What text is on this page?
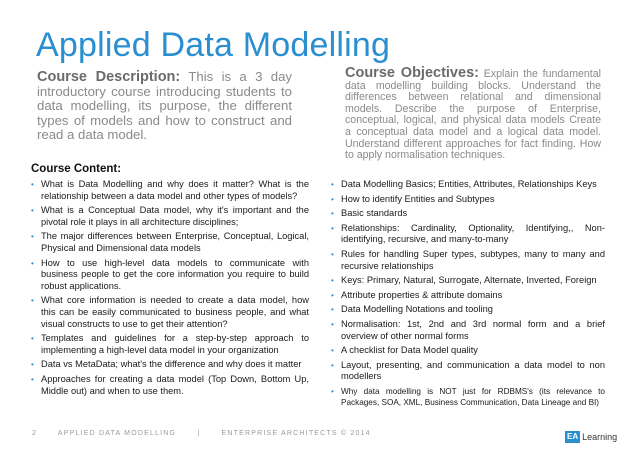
Applied Data Modelling
Course Description: This is a 3 day introductory course introducing students to data modelling, its purpose, the different types of models and how to construct and read a data model.
Course Objectives: Explain the fundamental data modelling building blocks. Understand the differences between relational and dimensional models. Describe the purpose of Enterprise, conceptual, logical, and physical data models Create a conceptual data model and a logical data model. Understand different approaches for fact finding. How to apply normalisation techniques.
Course Content:
• What is Data Modelling and why does it matter? What is the relationship between a data model and other types of models?
• What is a Conceptual Data model, why it's important and the pivotal role it plays in all architecture disciplines;
• The major differences between Enterprise, Conceptual, Logical, Physical and Dimensional data models
• How to use high-level data models to communicate with business people to get the core information you require to build robust applications.
• What core information is needed to create a data model, how this can be easily communicated to business people, and what visual constructs to use to get their attention?
• Templates and guidelines for a step-by-step approach to implementing a high-level data model in your organization
• Data vs MetaData; what's the difference and why does it matter
• Approaches for creating a data model (Top Down, Bottom Up, Middle out) and when to use them.
• Data Modelling Basics; Entities, Attributes, Relationships Keys
• How to identify Entities and Subtypes
• Basic standards
• Relationships: Cardinality, Optionality, Identifying,, Non-identifying, recursive, and many-to-many
• Rules for handling Super types, subtypes, many to many and recursive relationships
• Keys: Primary, Natural, Surrogate, Alternate, Inverted, Foreign
• Attribute properties & attribute domains
• Data Modelling Notations and tooling
• Normalisation: 1st, 2nd and 3rd normal form and a brief overview of other normal forms
• A checklist for Data Model quality
• Layout, presenting, and communication a data model to non modellers
• Why data modelling is NOT just for RDBMS's (its relevance to Packages, SOA, XML, Business Communication, Data Lineage and BI)
2	APPLIED DATA MODELLING	|	ENTERPRISE ARCHITECTS © 2014	EA Learning
